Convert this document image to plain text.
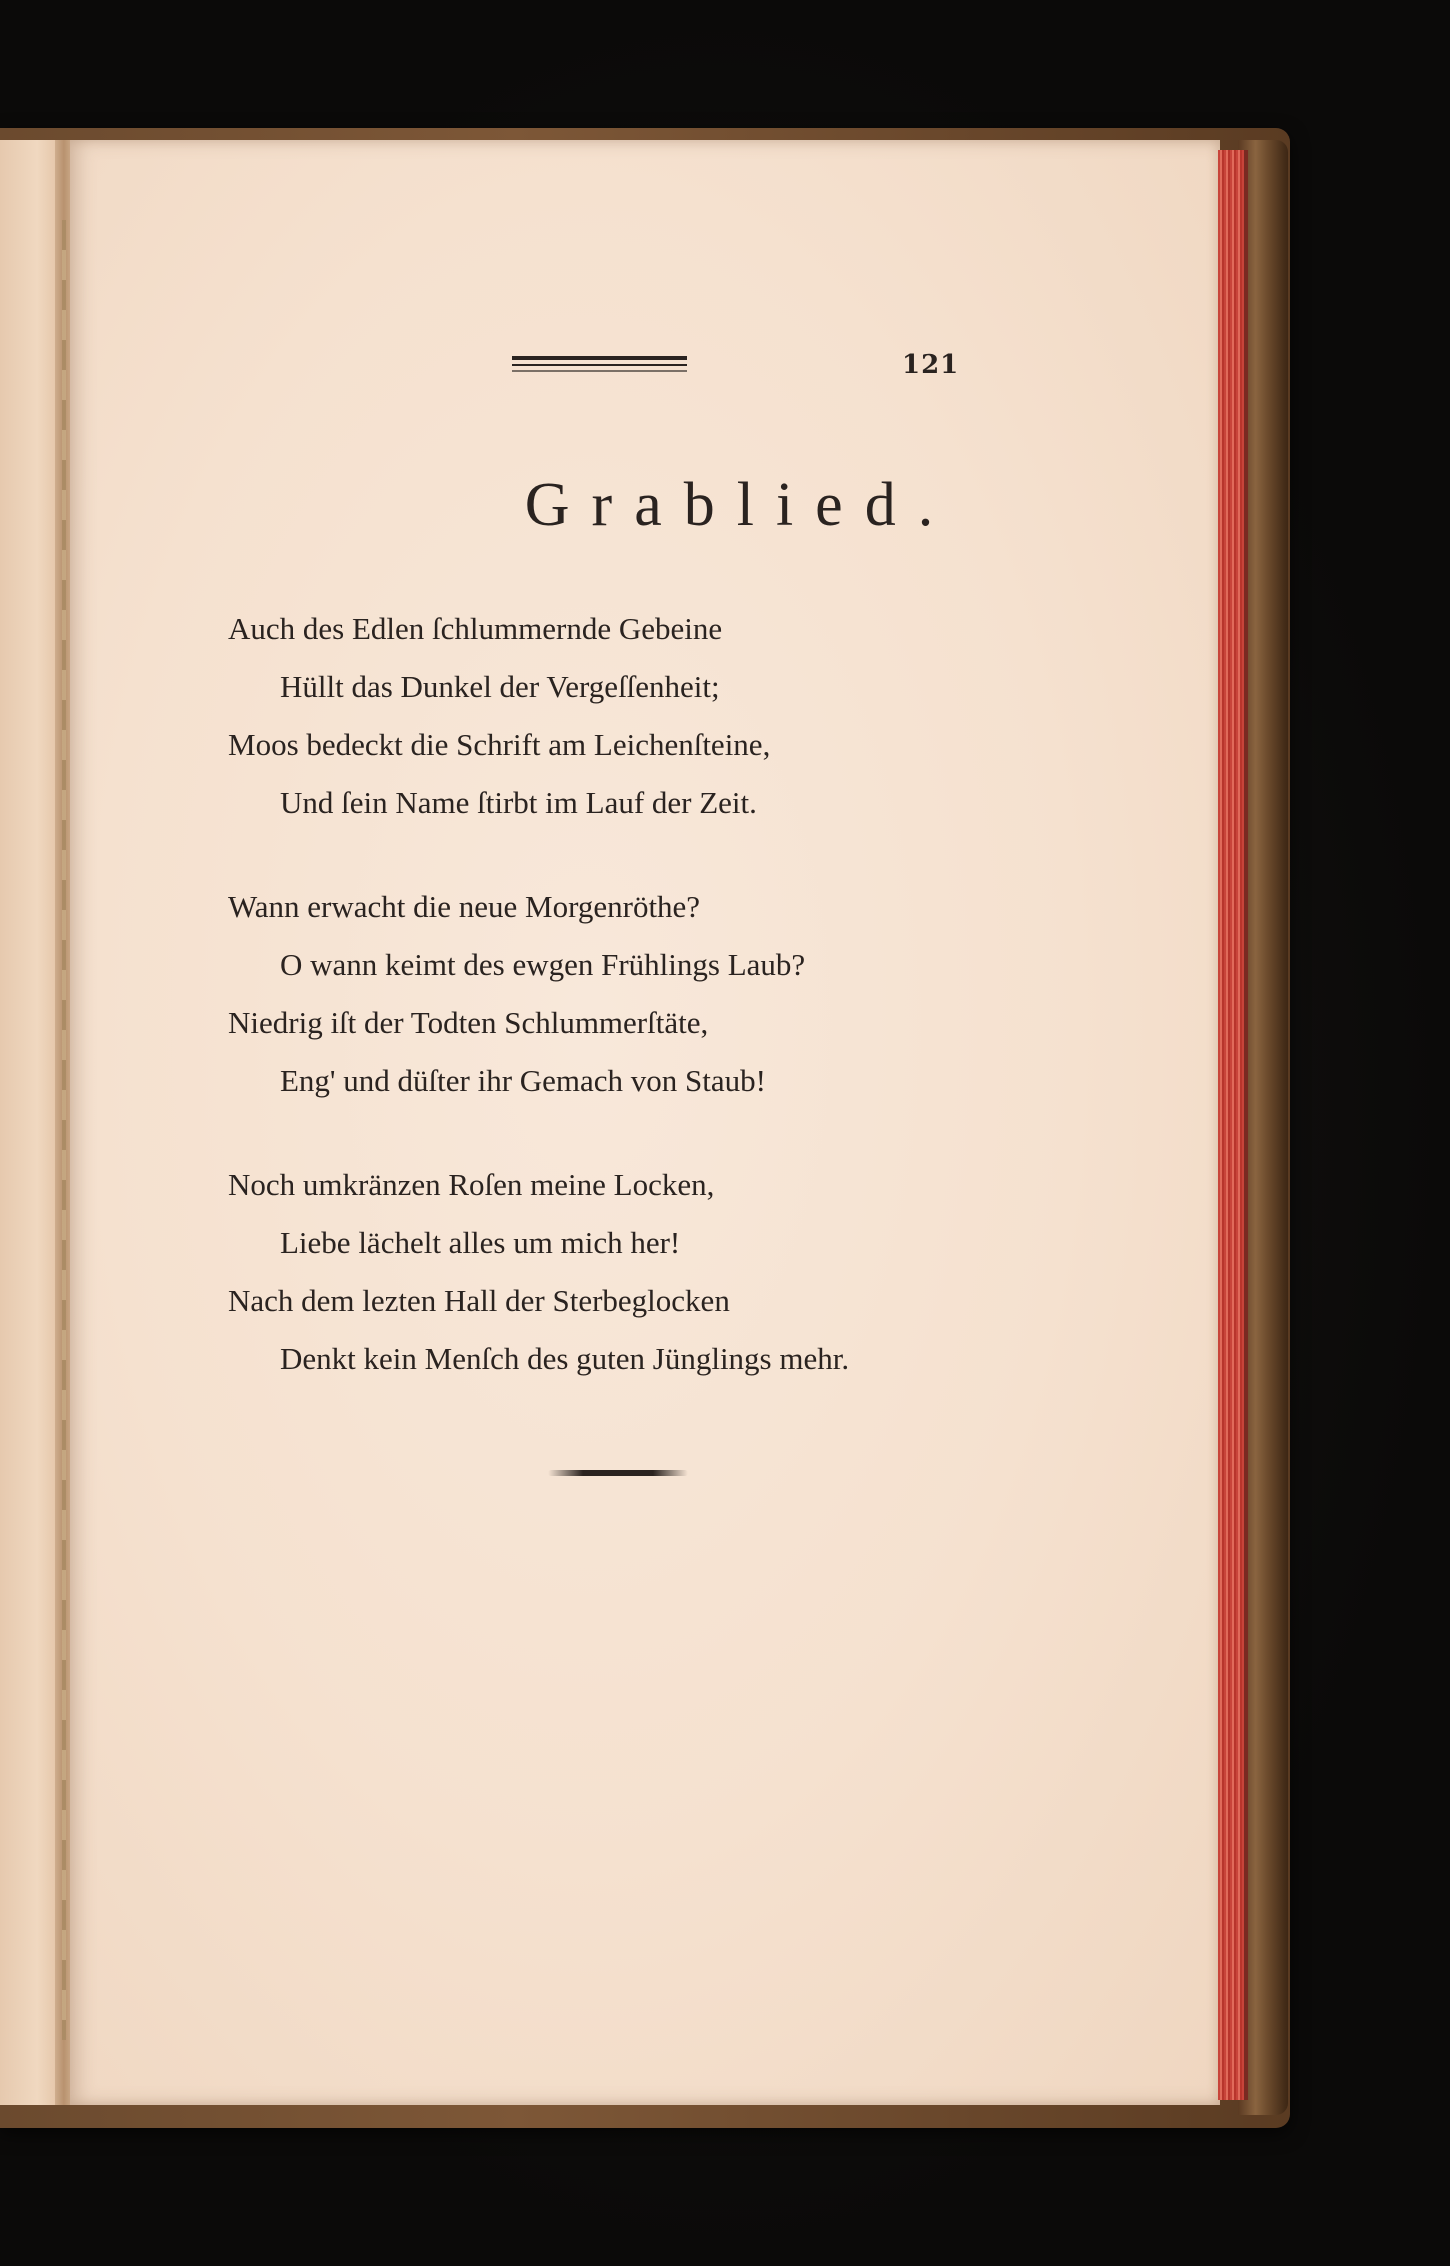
121
Grablied.
Auch des Edlen ſchlummernde Gebeine
Hüllt das Dunkel der Vergeſſenheit;
Moos bedeckt die Schrift am Leichenſteine,
Und ſein Name ſtirbt im Lauf der Zeit.
Wann erwacht die neue Morgenröthe?
O wann keimt des ewgen Frühlings Laub?
Niedrig iſt der Todten Schlummerſtäte,
Eng' und düſter ihr Gemach von Staub!
Noch umkränzen Roſen meine Locken,
Liebe lächelt alles um mich her!
Nach dem lezten Hall der Sterbeglocken
Denkt kein Menſch des guten Jünglings mehr.
